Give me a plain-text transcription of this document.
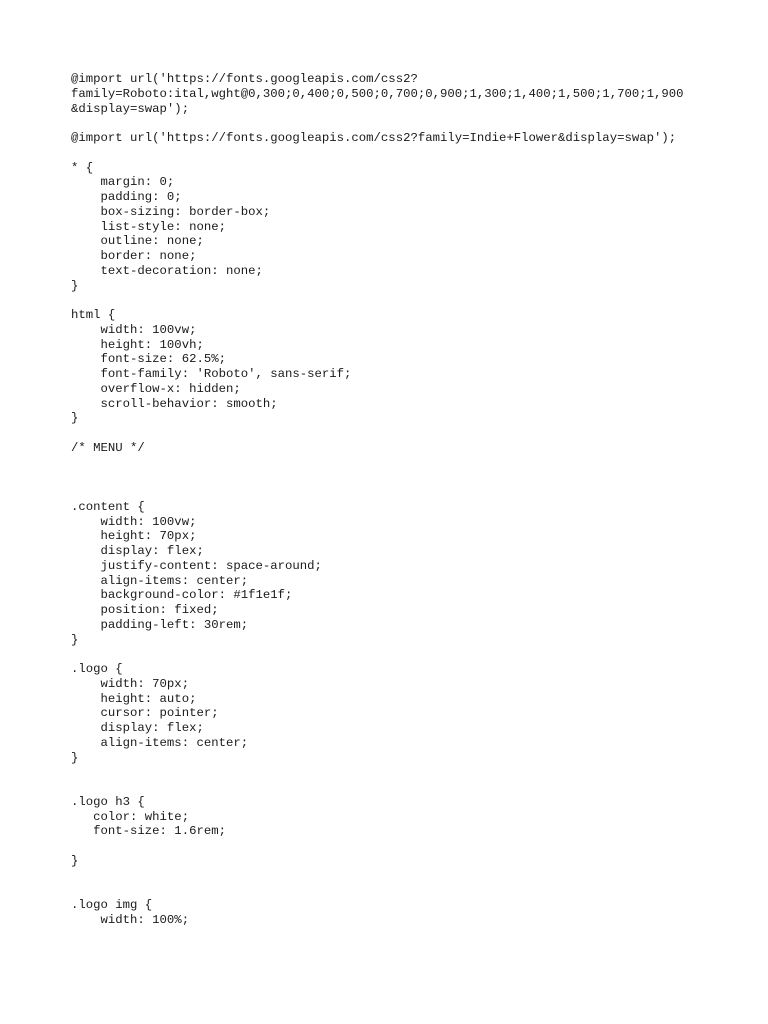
@import url('https://fonts.googleapis.com/css2?
family=Roboto:ital,wght@0,300;0,400;0,500;0,700;0,900;1,300;1,400;1,500;1,700;1,900
&display=swap');
@import url('https://fonts.googleapis.com/css2?family=Indie+Flower&display=swap');
* {
margin: 0;
padding: 0;
box-sizing: border-box;
list-style: none;
outline: none;
border: none;
text-decoration: none;
}
html {
width: 100vw;
height: 100vh;
font-size: 62.5%;
font-family: 'Roboto', sans-serif;
overflow-x: hidden;
scroll-behavior: smooth;
}
/* MENU */
.content {
width: 100vw;
height: 70px;
display: flex;
justify-content: space-around;
align-items: center;
background-color: #1f1e1f;
position: fixed;
padding-left: 30rem;
}
.logo {
width: 70px;
height: auto;
cursor: pointer;
display: flex;
align-items: center;
}
.logo h3 {
color: white;
font-size: 1.6rem;
}
.logo img {
width: 100%;
